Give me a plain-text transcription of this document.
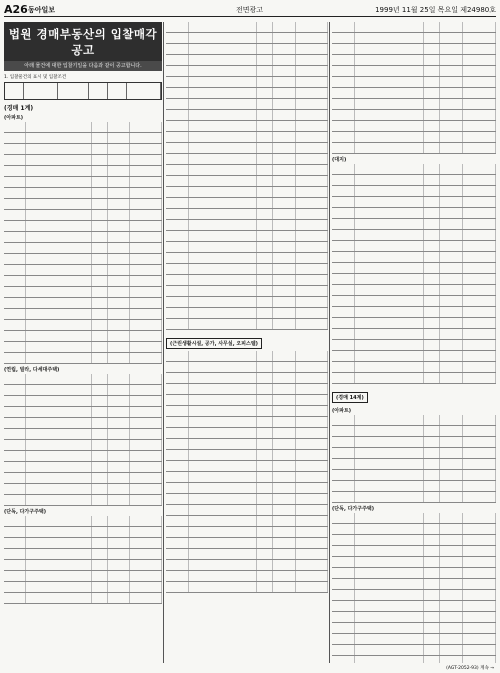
A26 동아일보	전면광고	1999년 11월 25일 목요일 제24980호
법원 경매부동산의 입찰매각공고
아래 물건에 대한 입찰기일을 다음과 같이 공고합니다.
1. 입찰물건의 표시 및 입찰조건
(경매 1계)
(아파트)
(연립, 빌라, 다세대주택)
(단독, 다가구주택)
(근린생활시설, 공가, 사무실, 오피스텔)
(대지)
(경매 14계)
(아파트)
(단독, 다가구주택)
(AGT-2052-93) 계속 →
